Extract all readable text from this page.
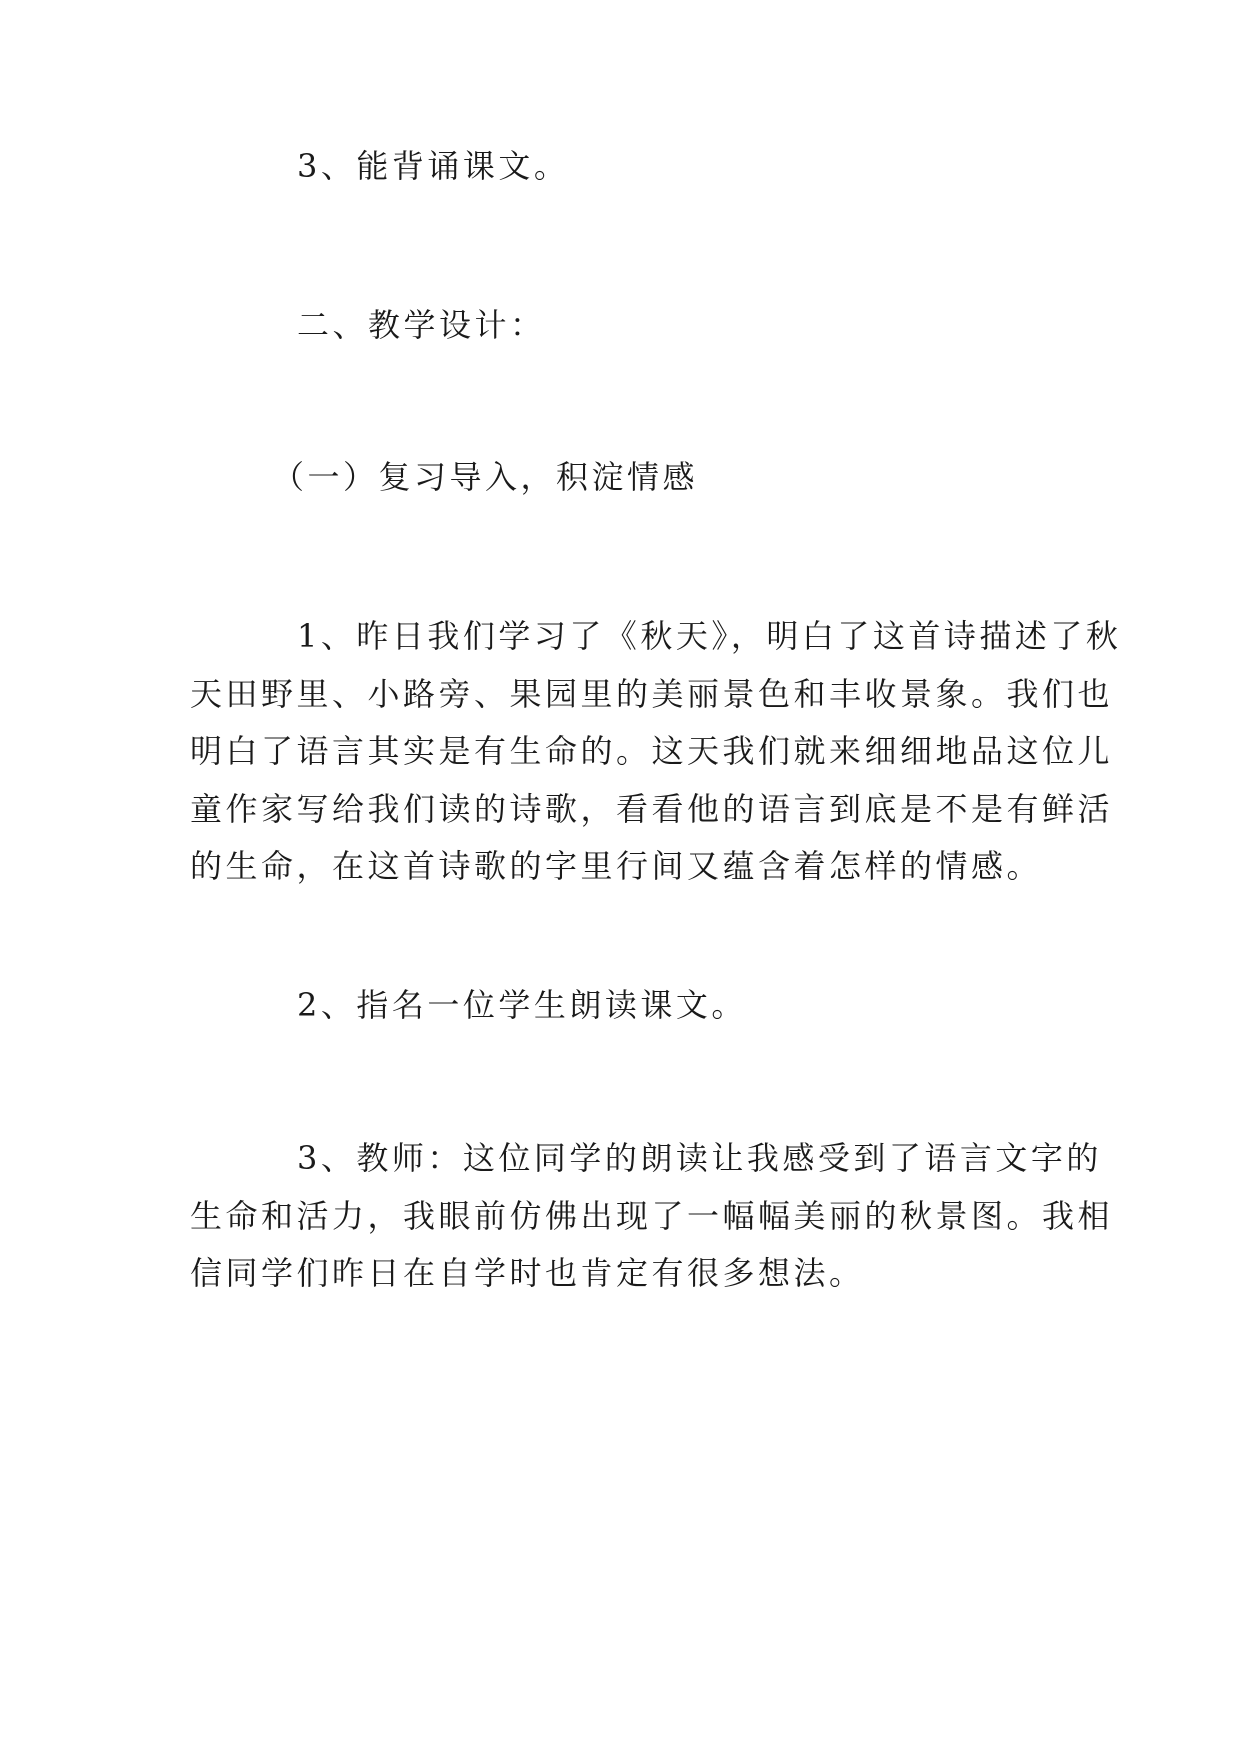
3、能背诵课文。

二、教学设计：
（一）复习导入，积淀情感
1、昨日我们学习了《秋天》，明白了这首诗描述了秋
天田野里、小路旁、果园里的美丽景色和丰收景象。我们也
明白了语言其实是有生命的。这天我们就来细细地品这位儿
童作家写给我们读的诗歌，看看他的语言到底是不是有鲜活
的生命，在这首诗歌的字里行间又蕴含着怎样的情感。
2、指名一位学生朗读课文。
3、教师：这位同学的朗读让我感受到了语言文字的
生命和活力，我眼前仿佛出现了一幅幅美丽的秋景图。我相
信同学们昨日在自学时也肯定有很多想法。
